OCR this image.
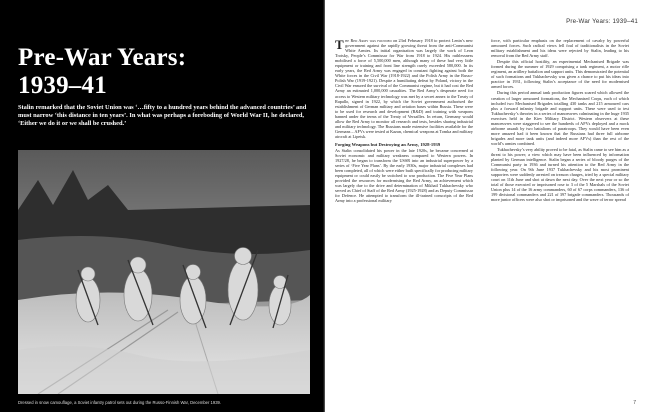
Pre-War Years:
1939–41

Stalin remarked that the Soviet Union was ‘…fifty to a hundred years behind the advanced countries’ and must narrow ‘this distance in ten years’. In what was perhaps a foreboding of World War II, he declared, ‘Either we do it or we shall be crushed.’

Dressed in snow camouflage, a Soviet infantry patrol sets out during the Russo-Finnish War, December 1939.

Pre-War Years: 1939–41

The Red Army was founded on 23rd February 1918 to protect Lenin’s new government against the rapidly growing threat from the anti-Communist White Armies. Its initial organisation was largely the work of Leon Trotsky, People’s Commissar for War from 1918 to 1924. His ruthlessness mobilised a force of 5,500,000 men, although many of these had very little equipment or training and front line strength rarely exceeded 580,000. In its early years, the Red Army was engaged in constant fighting against both the White forces in the Civil War (1918-1922) and the Polish Army in the Russo-Polish War (1919-1921). Despite a humiliating defeat by Poland, victory in the Civil War ensured the survival of the Communist regime, but it had cost the Red Army an estimated 1,000,000 casualties. The Red Army’s desperate need for access to Western military technology was met by a secret annex to the Treaty of Rapallo, signed in 1922, by which the Soviet government authorised the establishment of German military and aviation bases within Russia. These were to be used for research and development (R&D) and training with weapons banned under the terms of the Treaty of Versailles. In return, Germany would allow the Red Army to monitor all research and tests, besides sharing industrial and military technology. The Russians made extensive facilities available for the Germans – AFVs were tested at Kazan, chemical weapons at Tomka and military aircraft at Lipetsk.

Forging Weapons but Destroying an Army, 1928-1939

As Stalin consolidated his power in the late 1920s, he became concerned at Soviet economic and military weakness compared to Western powers. In 1927/28, he began to transform the USSR into an industrial superpower by a series of ‘Five Year Plans’. By the early 1930s, major industrial complexes had been completed, all of which were either built specifically for producing military equipment or could easily be switched to war production. The Five Year Plans provided the resources for modernising the Red Army, an achievement which was largely due to the drive and determination of Mikhail Tukhachevsky who served as Chief of Staff of the Red Army (1925-1928) and as Deputy Commissar for Defence. He attempted to transform the ill-trained conscripts of the Red Army into a professional military

force, with particular emphasis on the replacement of cavalry by powerful armoured forces. Such radical views fell foul of traditionalists in the Soviet military establishment and his ideas were rejected by Stalin, leading to his removal from the Red Army staff.

Despite this official hostility, an experimental Mechanised Brigade was formed during the summer of 1929 comprising a tank regiment, a motor rifle regiment, an artillery battalion and support units. This demonstrated the potential of such formations and Tukhachevsky was given a chance to put his ideas into practice in 1931, following Stalin’s acceptance of the need for modernised armed forces.

During this period annual tank production figures soared which allowed the creation of larger armoured formations, the Mechanised Corps, each of which included two Mechanised Brigades totalling 430 tanks and 215 armoured cars plus a forward infantry brigade and support units. These were used to test Tukhachevsky’s theories in a series of manoeuvres culminating in the huge 1935 exercises held in the Kiev Military District. Western observers at these manoeuvres were staggered to see the hundreds of AFVs deployed and a mock airborne assault by two battalions of paratroops. They would have been even more amazed had it been known that the Russians had three full airborne brigades and more tank units (and indeed more AFVs) than the rest of the world’s armies combined.

Tukhachevsky’s very ability proved to be fatal, as Stalin came to see him as a threat to his power; a view which may have been influenced by information planted by German intelligence. Stalin began a series of bloody purges of the Communist party in 1936 and turned his attention to the Red Army in the following year. On 9th June 1937 Tukhachevsky and his most prominent supporters were suddenly arrested on treason charges, tried by a special military court on 11th June and shot at dawn the next day. Over the next year or so the total of those executed or imprisoned rose to 3 of the 5 Marshals of the Soviet Union plus 14 of the 16 army commanders, 60 of 67 corps commanders, 136 of 199 divisional commanders and 221 of 397 brigade commanders. Thousands of more junior officers were also shot or imprisoned and the wave of terror spread

7
